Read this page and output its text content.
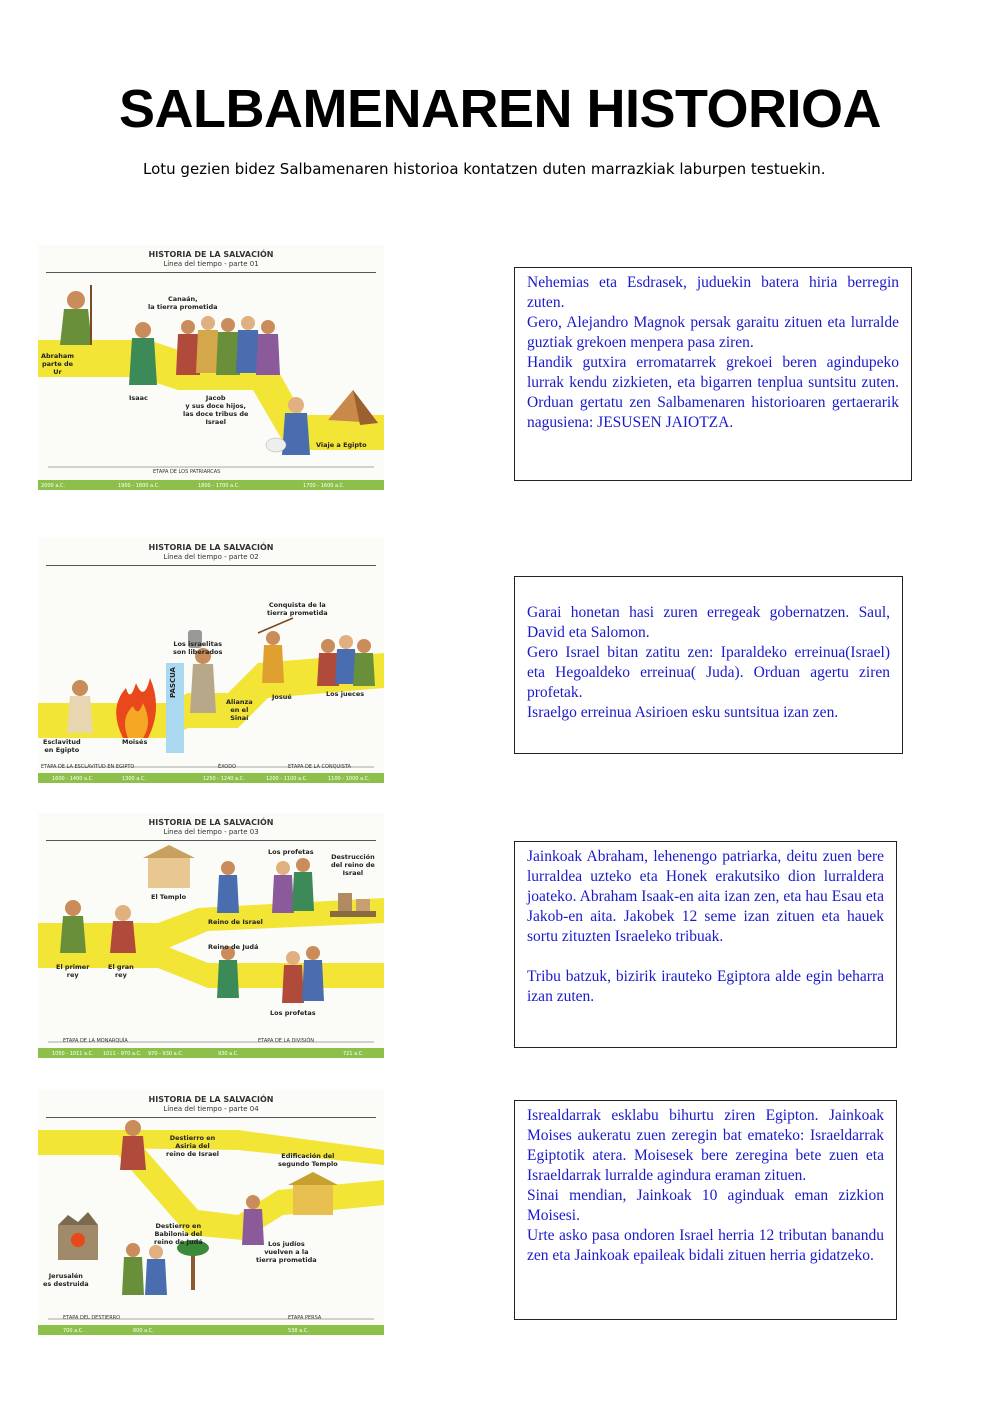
SALBAMENAREN HISTORIOA
Lotu gezien bidez Salbamenaren historioa kontatzen duten marrazkiak laburpen testuekin.
HISTORIA DE LA SALVACIÓN
Línea del tiempo - parte 01
Abraham
parte de
Ur
Canaán,
la tierra prometida
Isaac	Jacob
y sus doce hijos,
las doce tribus de
Israel
Viaje a Egipto
ETAPA DE LOS PATRIARCAS
2000 a.C.	1900 - 1800 a.C.	1800 - 1700 a.C.	1700 - 1600 a.C.
HISTORIA DE LA SALVACIÓN
Línea del tiempo - parte 02
Esclavitud
en Egipto
Moisés
PASCUA
Los israelitas
son liberados
Alianza
en el
Sinaí
Josué
Conquista de la
tierra prometida
Los jueces
ETAPA DE LA ESCLAVITUD EN EGIPTO	ÉXODO	ETAPA DE LA CONQUISTA
1600 - 1400 a.C.	1300 a.C.	1250 - 1240 a.C.	1200 - 1100 a.C.	1100 - 1000 a.C.
HISTORIA DE LA SALVACIÓN
Línea del tiempo - parte 03
El primer
rey
El gran
rey
El Templo
Reino de Israel
Reino de Judá
Los profetas
Destrucción
del reino de
Israel
Los profetas
ETAPA DE LA MONARQUÍA	ETAPA DE LA DIVISIÓN
1050 - 1011 a.C. 1011 - 970 a.C. 970 - 930 a.C.	930 a.C.	721 a.C.
HISTORIA DE LA SALVACIÓN
Línea del tiempo - parte 04
Destierro en
Asiria del
reino de Israel
Jerusalén
es destruida
Destierro en
Babilonia del
reino de Judá
Edificación del
segundo Templo
Los judíos
vuelven a la
tierra prometida
ETAPA DEL DESTIERRO	ETAPA PERSA
700 a.C.	600 a.C.	538 a.C.

Nehemias eta Esdrasek, juduekin batera hiria berregin zuten.

Gero, Alejandro Magnok persak garaitu zituen eta lurralde guztiak grekoen menpera pasa ziren.

Handik gutxira erromatarrek grekoei beren agindupeko lurrak kendu zizkieten, eta bigarren tenplua suntsitu zuten. Orduan gertatu zen Salbamenaren historioaren gertaerarik nagusiena: JESUSEN JAIOTZA.

Garai honetan hasi zuren erregeak gobernatzen. Saul, David eta Salomon.

Gero Israel bitan zatitu zen: Iparaldeko erreinua(Israel) eta Hegoaldeko erreinua( Juda). Orduan agertu ziren profetak.

Israelgo erreinua Asirioen esku suntsitua izan zen.

Jainkoak Abraham, lehenengo patriarka, deitu zuen bere lurraldea uzteko eta Honek erakutsiko dion lurraldera joateko. Abraham Isaak-en aita izan zen, eta hau Esau eta Jakob-en aita. Jakobek 12 seme izan zituen eta hauek sortu zituzten Israeleko tribuak.

Tribu batzuk, bizirik irauteko Egiptora alde egin beharra izan zuten.

Isrealdarrak esklabu bihurtu ziren Egipton. Jainkoak Moises aukeratu zuen zeregin bat emateko: Israeldarrak Egiptotik atera. Moisesek bere zeregina bete zuen eta Israeldarrak lurralde agindura eraman zituen.

Sinai mendian, Jainkoak 10 aginduak eman zizkion Moisesi.

Urte asko pasa ondoren Israel herria 12 tributan banandu zen eta Jainkoak epaileak bidali zituen herria gidatzeko.
